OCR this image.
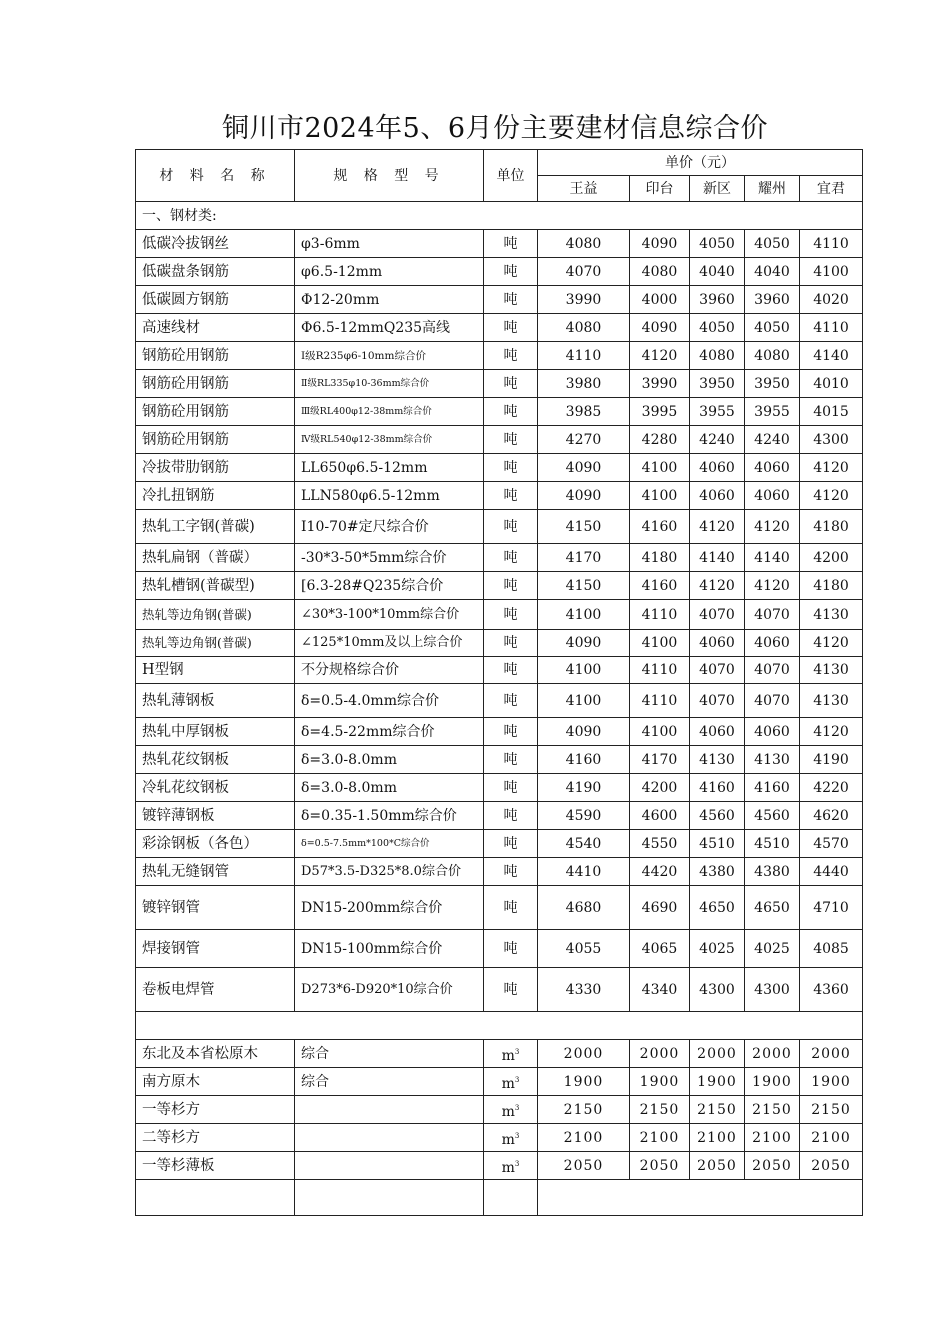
铜川市2024年5、6月份主要建材信息综合价
材 料 名 称	规 格 型 号	单位	单价（元）				
			王益	印台	新区	耀州	宜君
一、钢材类:							
低碳冷拔钢丝	φ3-6mm	吨	4080	4090	4050	4050	4110
低碳盘条钢筋	φ6.5-12mm	吨	4070	4080	4040	4040	4100
低碳圆方钢筋	Φ12-20mm	吨	3990	4000	3960	3960	4020
高速线材	Φ6.5-12mmQ235高线	吨	4080	4090	4050	4050	4110
钢筋砼用钢筋	Ⅰ级R235φ6-10mm综合价	吨	4110	4120	4080	4080	4140
钢筋砼用钢筋	Ⅱ级RL335φ10-36mm综合价	吨	3980	3990	3950	3950	4010
钢筋砼用钢筋	Ⅲ级RL400φ12-38mm综合价	吨	3985	3995	3955	3955	4015
钢筋砼用钢筋	Ⅳ级RL540φ12-38mm综合价	吨	4270	4280	4240	4240	4300
冷拔带肋钢筋	LL650φ6.5-12mm	吨	4090	4100	4060	4060	4120
冷扎扭钢筋	LLN580φ6.5-12mm	吨	4090	4100	4060	4060	4120
热轧工字钢(普碳)	Ⅰ10-70#定尺综合价	吨	4150	4160	4120	4120	4180
热轧扁钢（普碳）	-30*3-50*5mm综合价	吨	4170	4180	4140	4140	4200
热轧槽钢(普碳型)	[6.3-28#Q235综合价	吨	4150	4160	4120	4120	4180
热轧等边角钢(普碳)	∠30*3-100*10mm综合价	吨	4100	4110	4070	4070	4130
热轧等边角钢(普碳)	∠125*10mm及以上综合价	吨	4090	4100	4060	4060	4120
H型钢	不分规格综合价	吨	4100	4110	4070	4070	4130
热轧薄钢板	δ=0.5-4.0mm综合价	吨	4100	4110	4070	4070	4130
热轧中厚钢板	δ=4.5-22mm综合价	吨	4090	4100	4060	4060	4120
热轧花纹钢板	δ=3.0-8.0mm	吨	4160	4170	4130	4130	4190
冷轧花纹钢板	δ=3.0-8.0mm	吨	4190	4200	4160	4160	4220
镀锌薄钢板	δ=0.35-1.50mm综合价	吨	4590	4600	4560	4560	4620
彩涂钢板（各色）	δ=0.5-7.5mm*100*C综合价	吨	4540	4550	4510	4510	4570
热轧无缝钢管	D57*3.5-D325*8.0综合价	吨	4410	4420	4380	4380	4440
镀锌钢管	DN15-200mm综合价	吨	4680	4690	4650	4650	4710
焊接钢管	DN15-100mm综合价	吨	4055	4065	4025	4025	4085
卷板电焊管	D273*6-D920*10综合价	吨	4330	4340	4300	4300	4360

东北及本省松原木	综合	$m^3$	2000	2000	2000	2000	2000
南方原木	综合	$m^3$	1900	1900	1900	1900	1900
一等杉方		$m^3$	2150	2150	2150	2150	2150
二等杉方		$m^3$	2100	2100	2100	2100	2100
一等杉薄板		$m^3$	2050	2050	2050	2050	2050
